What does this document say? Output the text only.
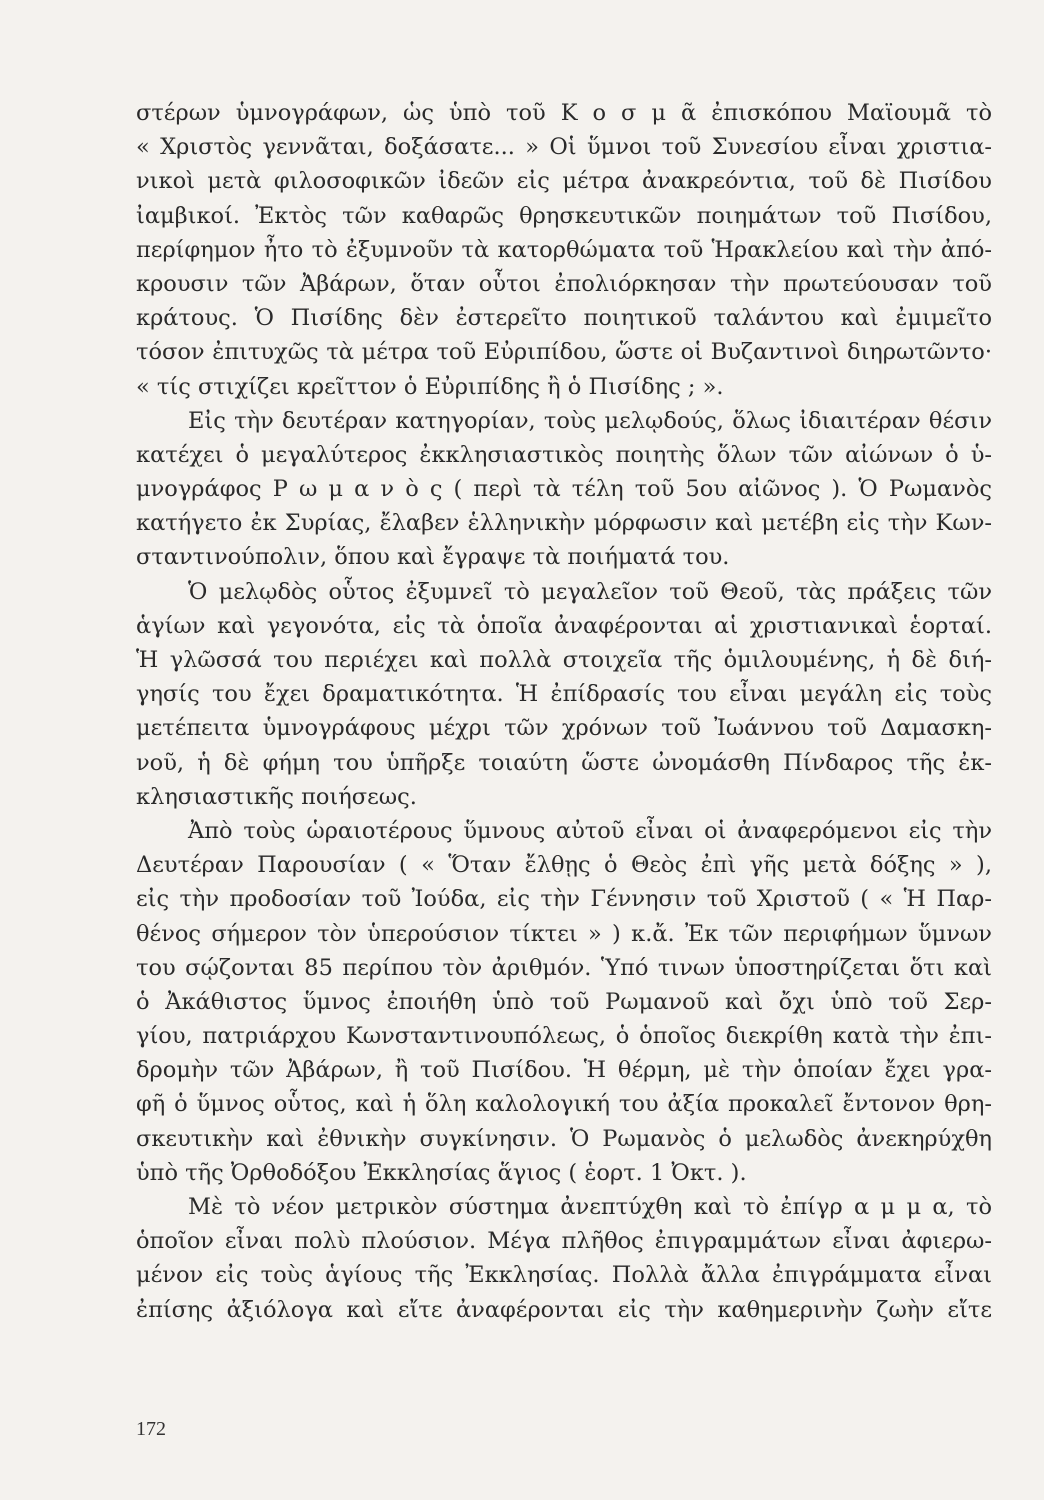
στέρων ὑμνογράφων, ὡς ὑπὸ τοῦ Κ ο σ μ ᾶ ἐπισκόπου Μαϊουμᾶ τὸ
« Χριστὸς γεννᾶται, δοξάσατε... » Οἱ ὕμνοι τοῦ Συνεσίου εἶναι χριστια-
νικοὶ μετὰ φιλοσοφικῶν ἰδεῶν εἰς μέτρα ἀνακρεόντια, τοῦ δὲ Πισίδου
ἰαμβικοί. Ἐκτὸς τῶν καθαρῶς θρησκευτικῶν ποιημάτων τοῦ Πισίδου,
περίφημον ἦτο τὸ ἐξυμνοῦν τὰ κατορθώματα τοῦ Ἡρακλείου καὶ τὴν ἀπό-
κρουσιν τῶν Ἀβάρων, ὅταν οὗτοι ἐπολιόρκησαν τὴν πρωτεύουσαν τοῦ
κράτους. Ὁ Πισίδης δὲν ἐστερεῖτο ποιητικοῦ ταλάντου καὶ ἐμιμεῖτο
τόσον ἐπιτυχῶς τὰ μέτρα τοῦ Εὐριπίδου, ὥστε οἱ Βυζαντινοὶ διηρωτῶντο·
« τίς στιχίζει κρεῖττον ὁ Εὐριπίδης ἢ ὁ Πισίδης ; ».
Εἰς τὴν δευτέραν κατηγορίαν, τοὺς μελῳδούς, ὅλως ἰδιαιτέραν θέσιν
κατέχει ὁ μεγαλύτερος ἐκκλησιαστικὸς ποιητὴς ὅλων τῶν αἰώνων ὁ ὑ-
μνογράφος Ρ ω μ α ν ὸ ς ( περὶ τὰ τέλη τοῦ 5ου αἰῶνος ). Ὁ Ρωμανὸς
κατήγετο ἐκ Συρίας, ἔλαβεν ἑλληνικὴν μόρφωσιν καὶ μετέβη εἰς τὴν Κων-
σταντινούπολιν, ὅπου καὶ ἔγραψε τὰ ποιήματά του.
Ὁ μελῳδὸς οὗτος ἐξυμνεῖ τὸ μεγαλεῖον τοῦ Θεοῦ, τὰς πράξεις τῶν
ἁγίων καὶ γεγονότα, εἰς τὰ ὁποῖα ἀναφέρονται αἱ χριστιανικαὶ ἑορταί.
Ἡ γλῶσσά του περιέχει καὶ πολλὰ στοιχεῖα τῆς ὁμιλουμένης, ἡ δὲ διή-
γησίς του ἔχει δραματικότητα. Ἡ ἐπίδρασίς του εἶναι μεγάλη εἰς τοὺς
μετέπειτα ὑμνογράφους μέχρι τῶν χρόνων τοῦ Ἰωάννου τοῦ Δαμασκη-
νοῦ, ἡ δὲ φήμη του ὑπῆρξε τοιαύτη ὥστε ὠνομάσθη Πίνδαρος τῆς ἐκ-
κλησιαστικῆς ποιήσεως.
Ἀπὸ τοὺς ὡραιοτέρους ὕμνους αὐτοῦ εἶναι οἱ ἀναφερόμενοι εἰς τὴν
Δευτέραν Παρουσίαν ( « Ὅταν ἔλθῃς ὁ Θεὸς ἐπὶ γῆς μετὰ δόξης » ),
εἰς τὴν προδοσίαν τοῦ Ἰούδα, εἰς τὴν Γέννησιν τοῦ Χριστοῦ ( « Ἡ Παρ-
θένος σήμερον τὸν ὑπερούσιον τίκτει » ) κ.ἄ. Ἐκ τῶν περιφήμων ὕμνων
του σῴζονται 85 περίπου τὸν ἀριθμόν. Ὑπό τινων ὑποστηρίζεται ὅτι καὶ
ὁ Ἀκάθιστος ὕμνος ἐποιήθη ὑπὸ τοῦ Ρωμανοῦ καὶ ὄχι ὑπὸ τοῦ Σερ-
γίου, πατριάρχου Κωνσταντινουπόλεως, ὁ ὁποῖος διεκρίθη κατὰ τὴν ἐπι-
δρομὴν τῶν Ἀβάρων, ἢ τοῦ Πισίδου. Ἡ θέρμη, μὲ τὴν ὁποίαν ἔχει γρα-
φῆ ὁ ὕμνος οὗτος, καὶ ἡ ὅλη καλολογική του ἀξία προκαλεῖ ἔντονον θρη-
σκευτικὴν καὶ ἐθνικὴν συγκίνησιν. Ὁ Ρωμανὸς ὁ μελωδὸς ἀνεκηρύχθη
ὑπὸ τῆς Ὀρθοδόξου Ἐκκλησίας ἅγιος ( ἑορτ. 1 Ὀκτ. ).
Μὲ τὸ νέον μετρικὸν σύστημα ἀνεπτύχθη καὶ τὸ ἐπίγρ α μ μ α, τὸ
ὁποῖον εἶναι πολὺ πλούσιον. Μέγα πλῆθος ἐπιγραμμάτων εἶναι ἀφιερω-
μένον εἰς τοὺς ἁγίους τῆς Ἐκκλησίας. Πολλὰ ἄλλα ἐπιγράμματα εἶναι
ἐπίσης ἀξιόλογα καὶ εἴτε ἀναφέρονται εἰς τὴν καθημερινὴν ζωὴν εἴτε
172
